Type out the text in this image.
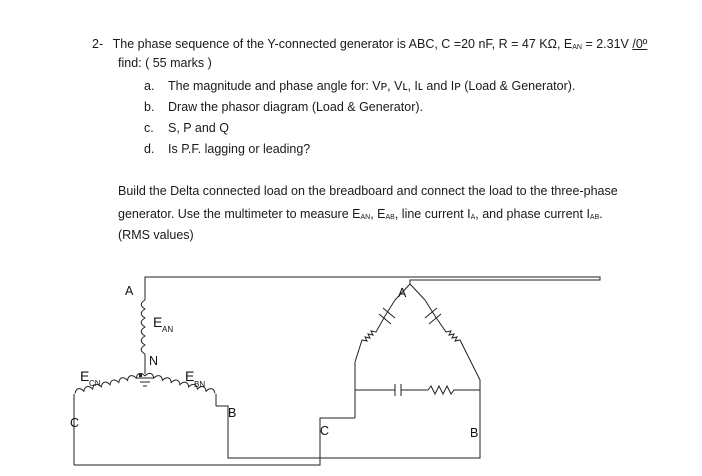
2- The phase sequence of the Y-connected generator is ABC, C =20 nF, R = 47 KΩ, EAN = 2.31V /0º
find: ( 55 marks )
a. The magnitude and phase angle for: Vᴘ, Vʟ, Iʟ and Iᴘ (Load & Generator).
b. Draw the phasor diagram (Load & Generator).
c. S, P and Q
d. Is P.F. lagging or leading?
Build the Delta connected load on the breadboard and connect the load to the three-phase
generator. Use the multimeter to measure EAN, EAB, line current IA, and phase current IAB.
(RMS values)
A
E AN
N
E CN	E
BN
B
C
A
C	B
